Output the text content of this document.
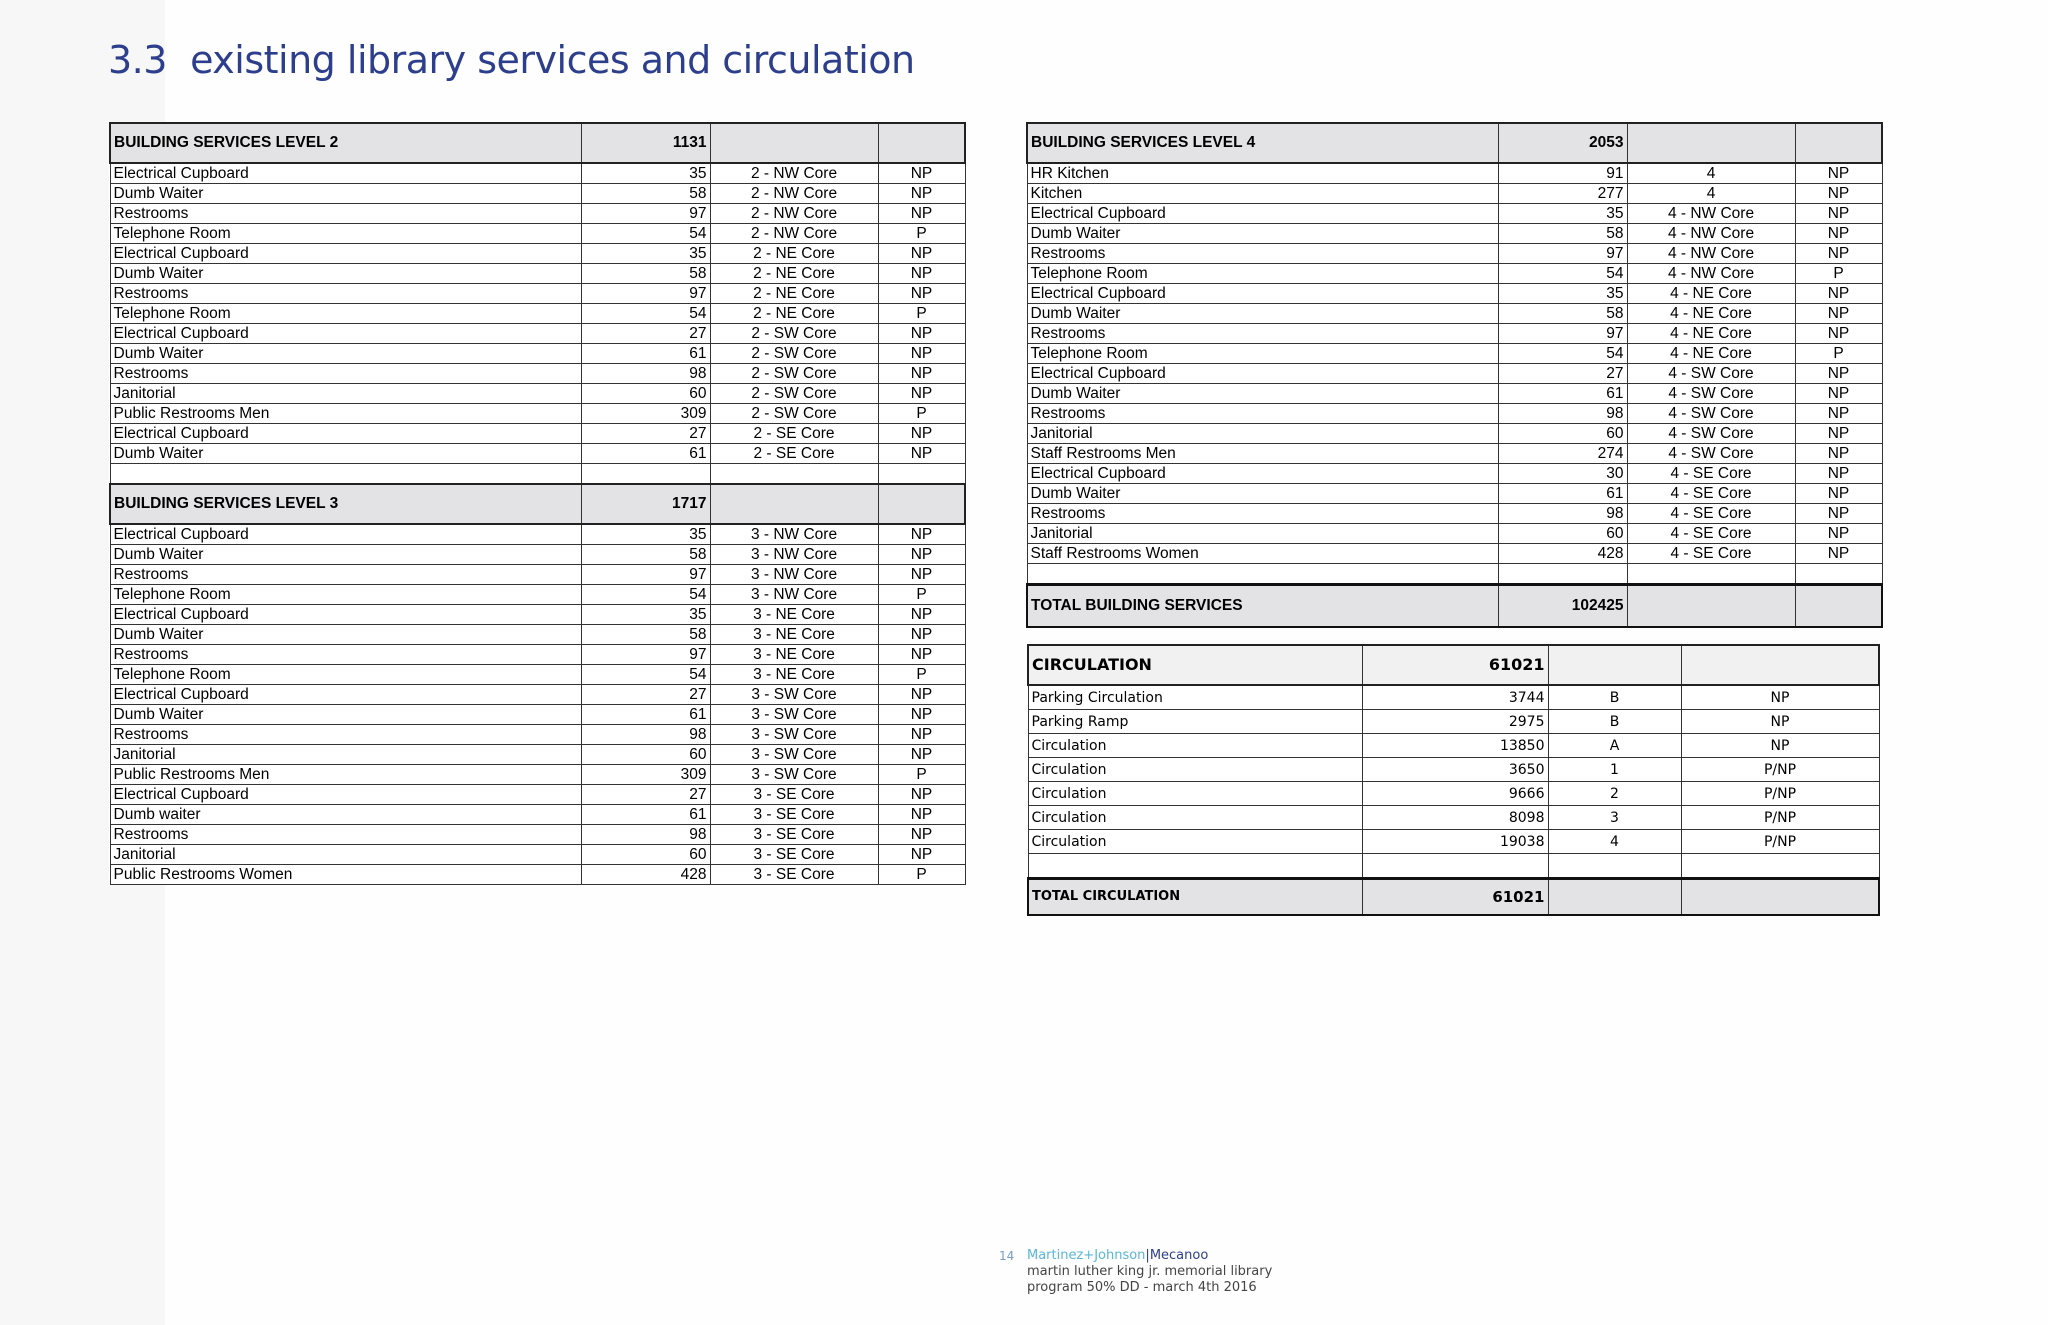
3.3  existing library services and circulation
BUILDING SERVICES LEVEL 2	1131		
Electrical Cupboard	35	2 - NW Core	NP
Dumb Waiter	58	2 - NW Core	NP
Restrooms	97	2 - NW Core	NP
Telephone Room	54	2 - NW Core	P
Electrical Cupboard	35	2 - NE Core	NP
Dumb Waiter	58	2 - NE Core	NP
Restrooms	97	2 - NE Core	NP
Telephone Room	54	2 - NE Core	P
Electrical Cupboard	27	2 - SW Core	NP
Dumb Waiter	61	2 - SW Core	NP
Restrooms	98	2 - SW Core	NP
Janitorial	60	2 - SW Core	NP
Public Restrooms Men	309	2 - SW Core	P
Electrical Cupboard	27	2 - SE Core	NP
Dumb Waiter	61	2 - SE Core	NP

BUILDING SERVICES LEVEL 3	1717		
Electrical Cupboard	35	3 - NW Core	NP
Dumb Waiter	58	3 - NW Core	NP
Restrooms	97	3 - NW Core	NP
Telephone Room	54	3 - NW Core	P
Electrical Cupboard	35	3 - NE Core	NP
Dumb Waiter	58	3 - NE Core	NP
Restrooms	97	3 - NE Core	NP
Telephone Room	54	3 - NE Core	P
Electrical Cupboard	27	3 - SW Core	NP
Dumb Waiter	61	3 - SW Core	NP
Restrooms	98	3 - SW Core	NP
Janitorial	60	3 - SW Core	NP
Public Restrooms Men	309	3 - SW Core	P
Electrical Cupboard	27	3 - SE Core	NP
Dumb waiter	61	3 - SE Core	NP
Restrooms	98	3 - SE Core	NP
Janitorial	60	3 - SE Core	NP
Public Restrooms Women	428	3 - SE Core	P
BUILDING SERVICES LEVEL 4	2053		
HR Kitchen	91	4	NP
Kitchen	277	4	NP
Electrical Cupboard	35	4 - NW Core	NP
Dumb Waiter	58	4 - NW Core	NP
Restrooms	97	4 - NW Core	NP
Telephone Room	54	4 - NW Core	P
Electrical Cupboard	35	4 - NE Core	NP
Dumb Waiter	58	4 - NE Core	NP
Restrooms	97	4 - NE Core	NP
Telephone Room	54	4 - NE Core	P
Electrical Cupboard	27	4 - SW Core	NP
Dumb Waiter	61	4 - SW Core	NP
Restrooms	98	4 - SW Core	NP
Janitorial	60	4 - SW Core	NP
Staff Restrooms Men	274	4 - SW Core	NP
Electrical Cupboard	30	4 - SE Core	NP
Dumb Waiter	61	4 - SE Core	NP
Restrooms	98	4 - SE Core	NP
Janitorial	60	4 - SE Core	NP
Staff Restrooms Women	428	4 - SE Core	NP

TOTAL BUILDING SERVICES	102425		
CIRCULATION	61021		
Parking Circulation	3744	B	NP
Parking Ramp	2975	B	NP
Circulation	13850	A	NP
Circulation	3650	1	P/NP
Circulation	9666	2	P/NP
Circulation	8098	3	P/NP
Circulation	19038	4	P/NP

TOTAL CIRCULATION	61021		
14 Martinez+Johnson|Mecanoo
martin luther king jr. memorial library
program 50% DD - march 4th 2016
